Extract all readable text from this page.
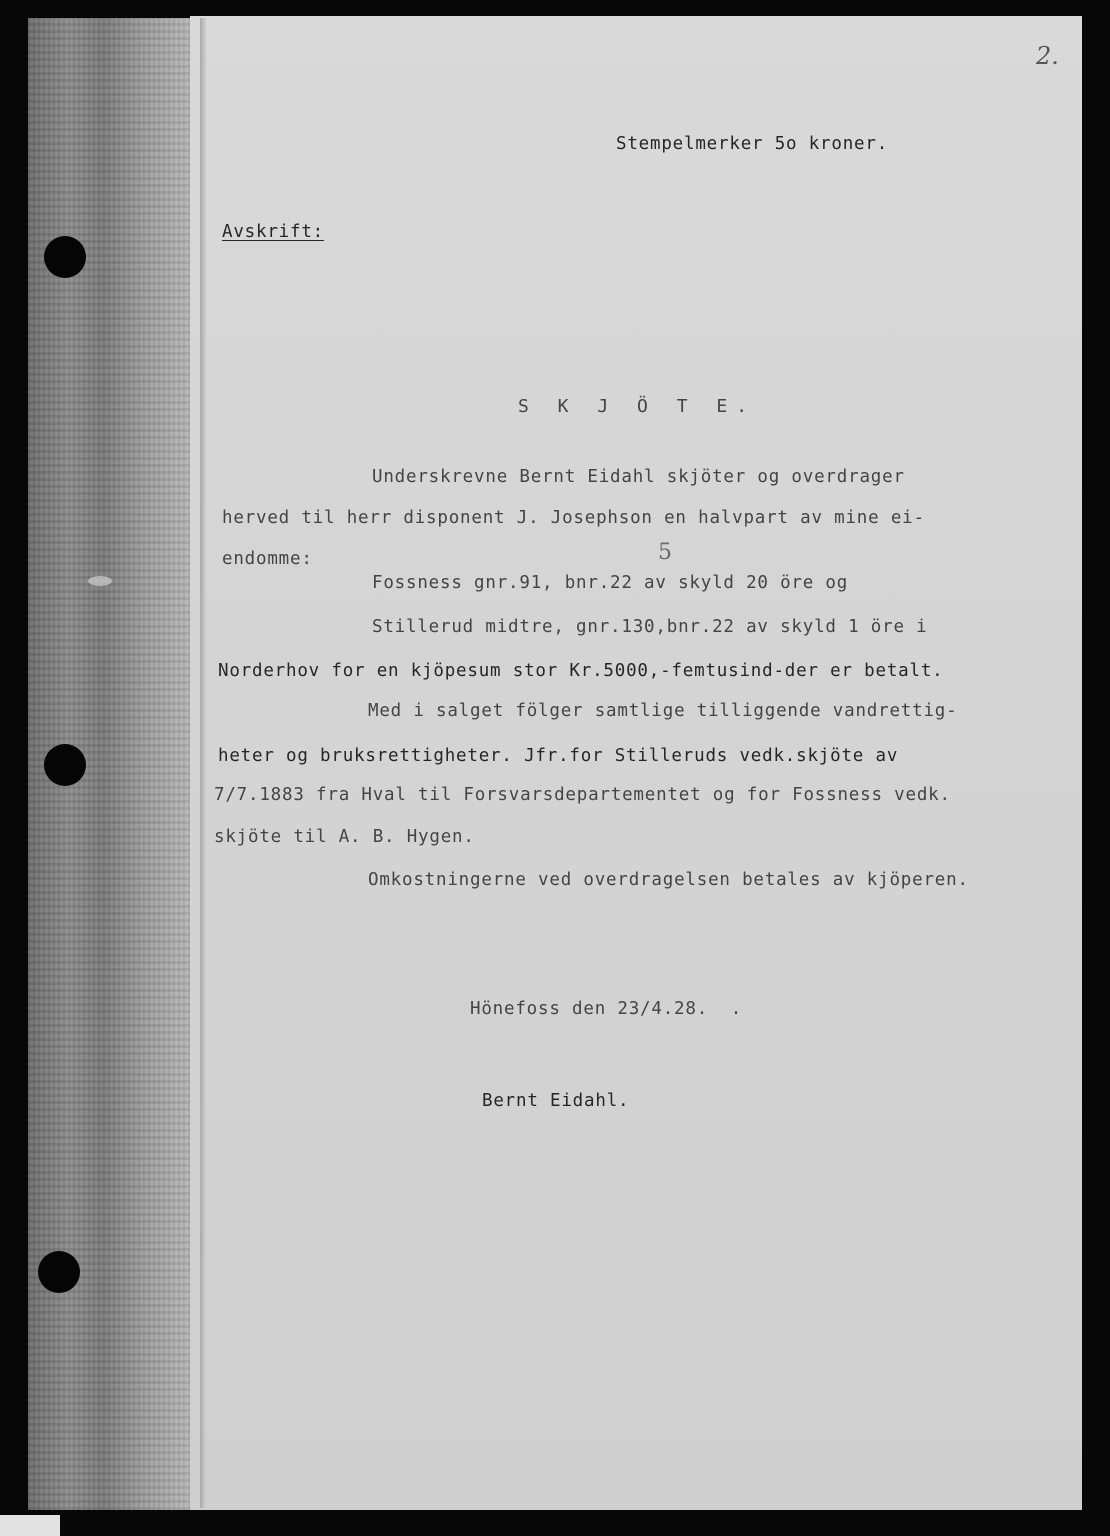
2.
Stempelmerker 5o kroner.
Avskrift:
S K J Ö T E.
Underskrevne Bernt Eidahl skjöter og overdrager
herved til herr disponent J. Josephson en halvpart av mine ei-
endomme:	5
Fossness gnr.91, bnr.22 av skyld 20 öre og
Stillerud midtre, gnr.130,bnr.22 av skyld 1 öre i
Norderhov for en kjöpesum stor Kr.5000,-femtusind-der er betalt.
Med i salget fölger samtlige tilliggende vandrettig-
heter og bruksrettigheter. Jfr.for Stilleruds vedk.skjöte av
7/7.1883 fra Hval til Forsvarsdepartementet og for Fossness vedk.
skjöte til A. B. Hygen.
Omkostningerne ved overdragelsen betales av kjöperen.
Hönefoss den 23/4.28.  .
Bernt Eidahl.
